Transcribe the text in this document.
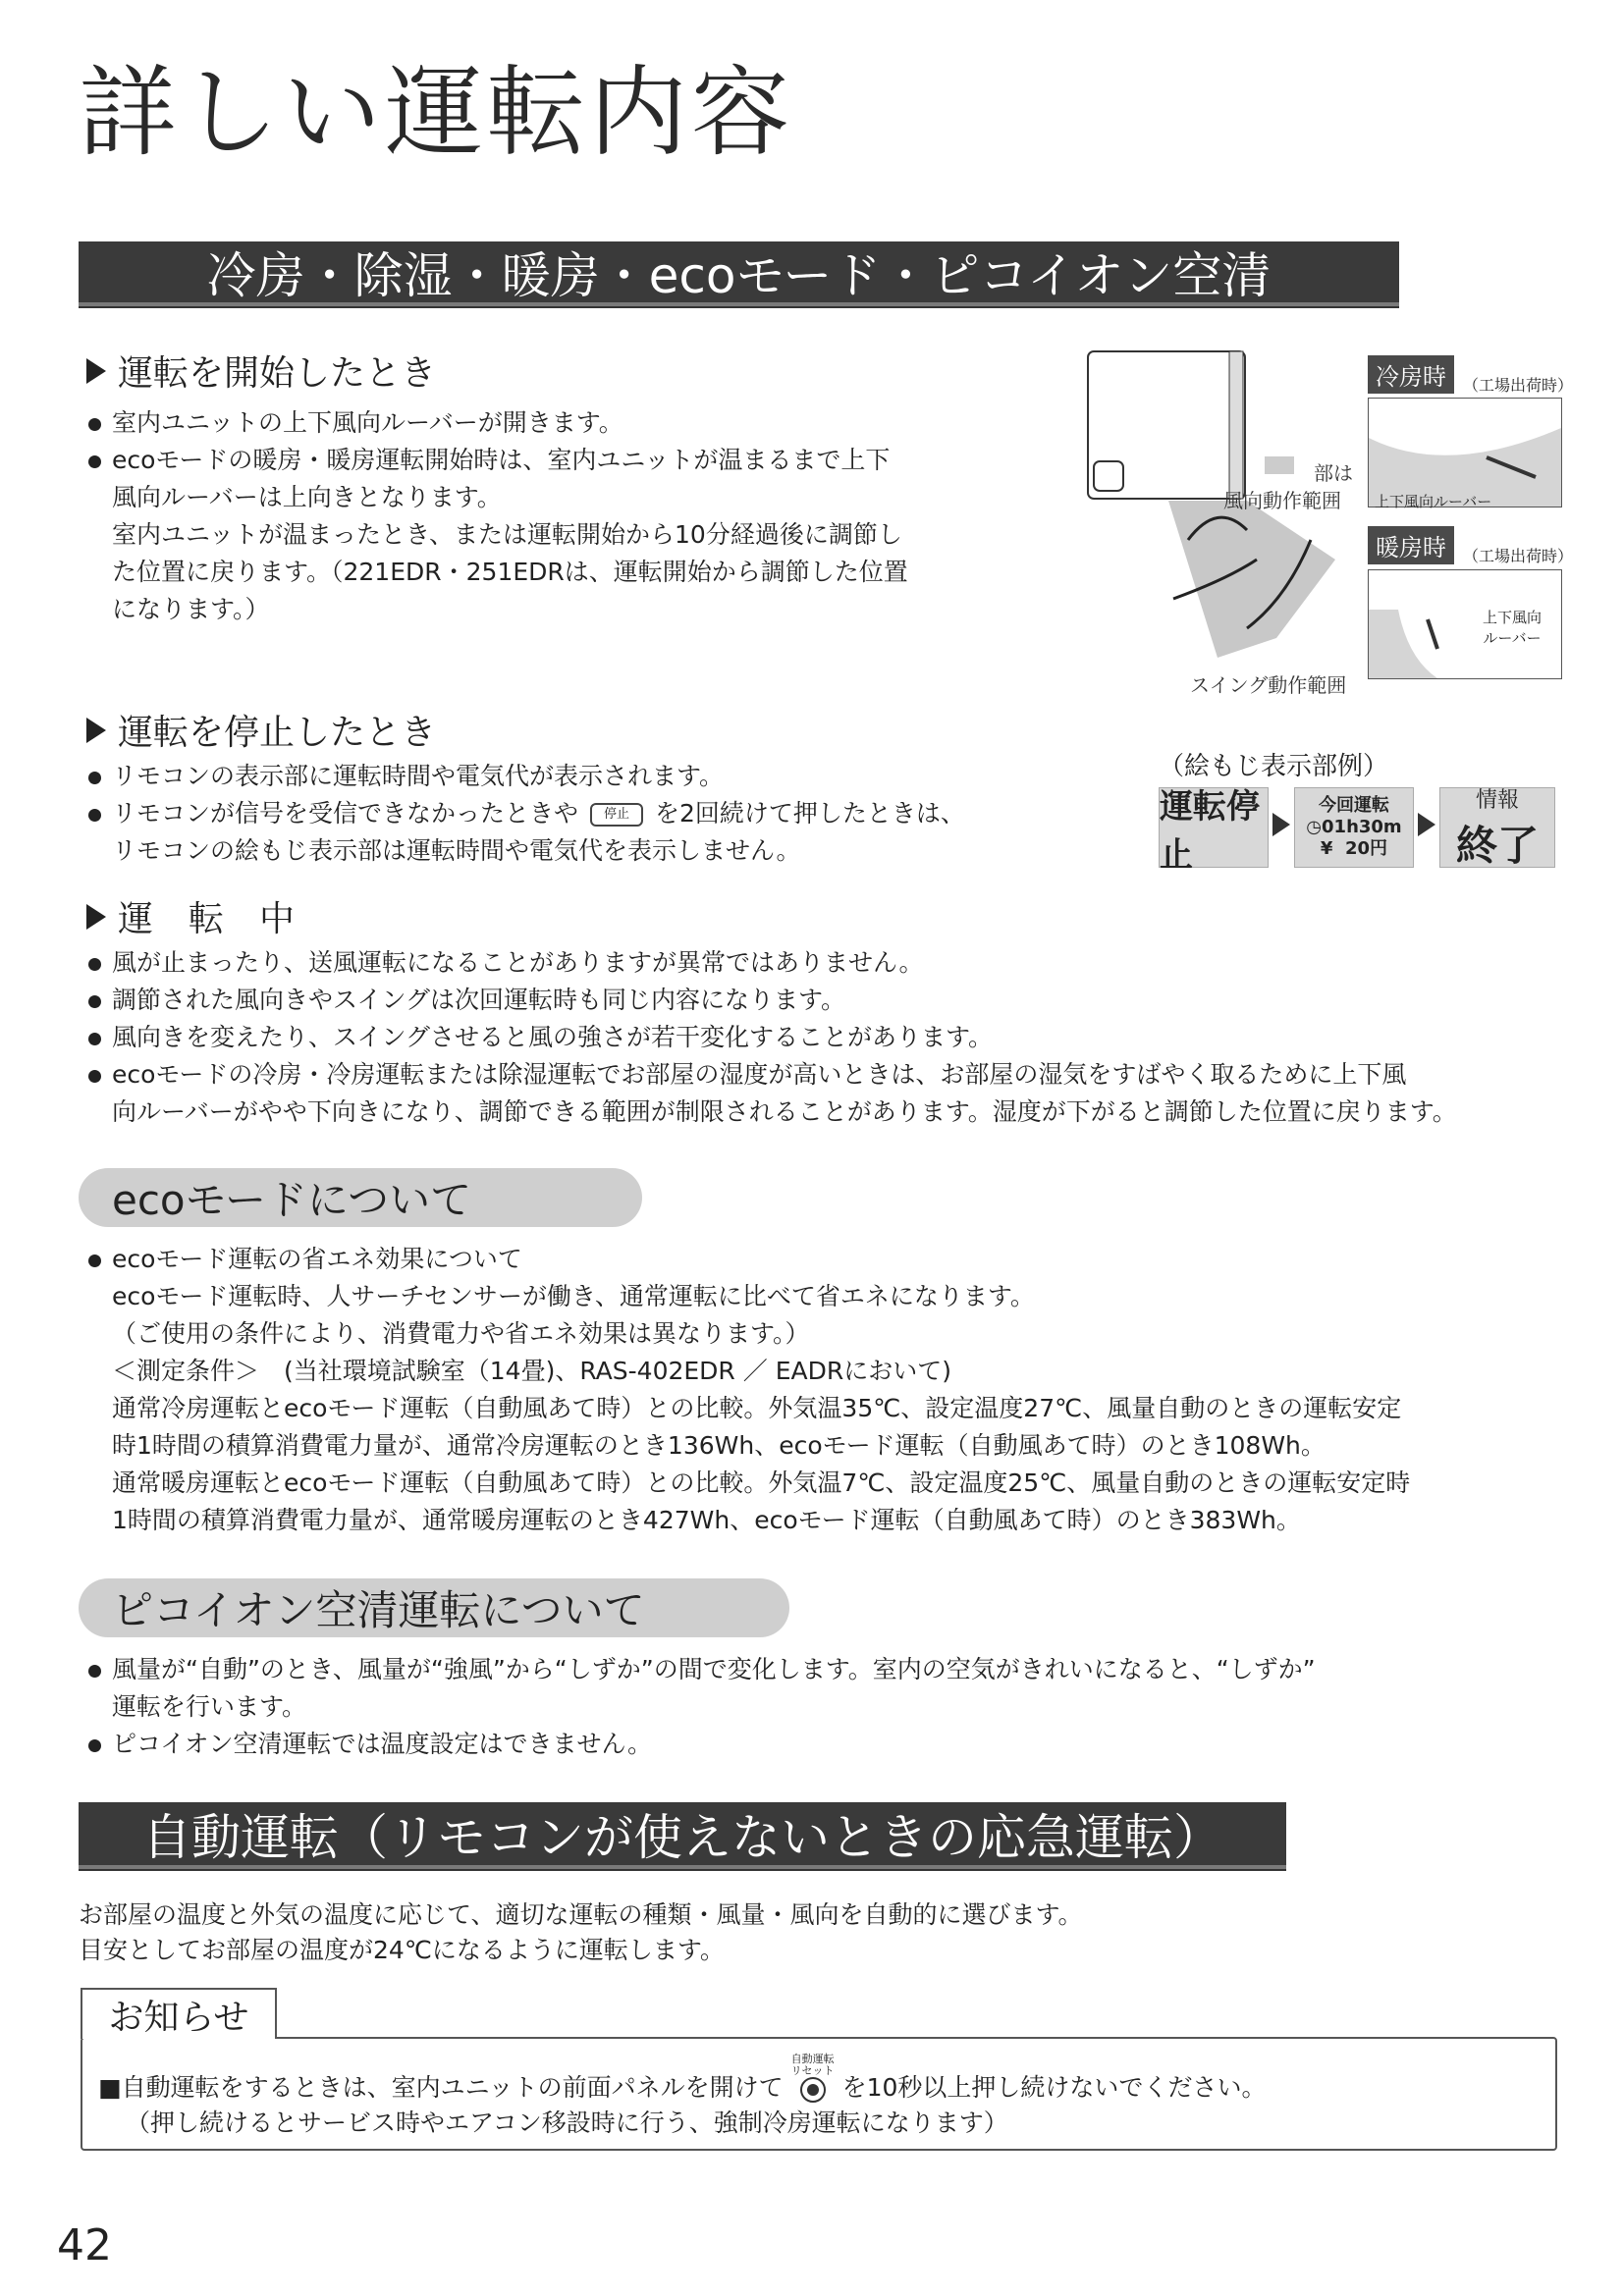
詳しい運転内容
冷房・除湿・暖房・ecoモード・ピコイオン空清
運転を開始したとき
室内ユニットの上下風向ルーバーが開きます。
ecoモードの暖房・暖房運転開始時は、室内ユニットが温まるまで上下
風向ルーバーは上向きとなります。
室内ユニットが温まったとき、または運転開始から10分経過後に調節し
た位置に戻ります。（221EDR・251EDRは、運転開始から調節した位置
になります。）
部は
風向動作範囲
スイング動作範囲
冷房時	（工場出荷時）
上下風向ルーバー
暖房時	（工場出荷時）
上下風向
ルーバー
運転を停止したとき
リモコンの表示部に運転時間や電気代が表示されます。
リモコンが信号を受信できなかったときや 停止 を2回続けて押したときは、
リモコンの絵もじ表示部は運転時間や電気代を表示しません。
（絵もじ表示部例）
運転停止
今回運転
◷01h30m
¥ 20円
情報
終了
運　転　中
風が止まったり、送風運転になることがありますが異常ではありません。
調節された風向きやスイングは次回運転時も同じ内容になります。
風向きを変えたり、スイングさせると風の強さが若干変化することがあります。
ecoモードの冷房・冷房運転または除湿運転でお部屋の湿度が高いときは、お部屋の湿気をすばやく取るために上下風
向ルーバーがやや下向きになり、調節できる範囲が制限されることがあります。湿度が下がると調節した位置に戻ります。
ecoモードについて
ecoモード運転の省エネ効果について
ecoモード運転時、人サーチセンサーが働き、通常運転に比べて省エネになります。
（ご使用の条件により、消費電力や省エネ効果は異なります。）
＜測定条件＞　(当社環境試験室（14畳)、RAS-402EDR ／ EADRにおいて)
通常冷房運転とecoモード運転（自動風あて時）との比較。外気温35℃、設定温度27℃、風量自動のときの運転安定
時1時間の積算消費電力量が、通常冷房運転のとき136Wh、ecoモード運転（自動風あて時）のとき108Wh。
通常暖房運転とecoモード運転（自動風あて時）との比較。外気温7℃、設定温度25℃、風量自動のときの運転安定時
1時間の積算消費電力量が、通常暖房運転のとき427Wh、ecoモード運転（自動風あて時）のとき383Wh。
ピコイオン空清運転について
風量が“自動”のとき、風量が“強風”から“しずか”の間で変化します。室内の空気がきれいになると、“しずか”
運転を行います。
ピコイオン空清運転では温度設定はできません。
自動運転（リモコンが使えないときの応急運転）
お部屋の温度と外気の温度に応じて、適切な運転の種類・風量・風向を自動的に選びます。
目安としてお部屋の温度が24℃になるように運転します。
お知らせ
■自動運転をするときは、室内ユニットの前面パネルを開けて
自動運転
リセット
を10秒以上押し続けないでください。
（押し続けるとサービス時やエアコン移設時に行う、強制冷房運転になります）
42
